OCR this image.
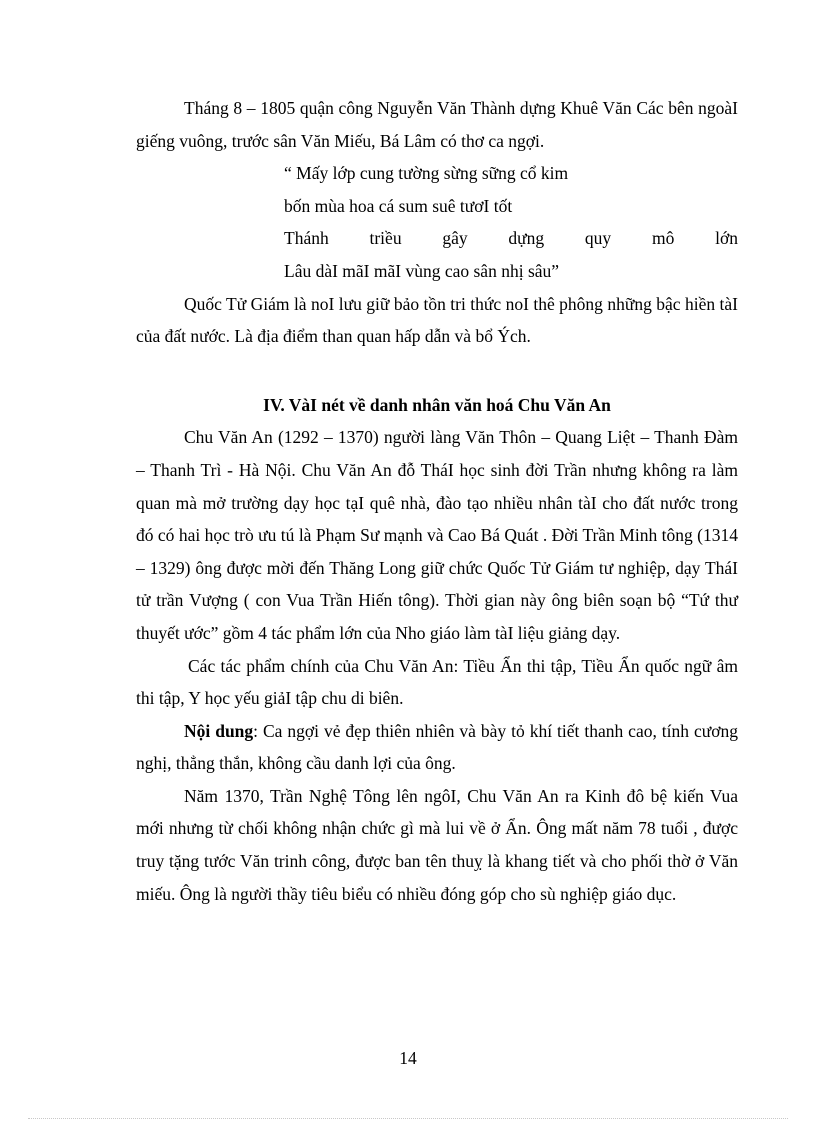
Tháng 8 – 1805 quận công Nguyễn Văn Thành dựng Khuê Văn Các bên ngoàI giếng vuông, trước sân Văn Miếu, Bá Lâm có thơ ca ngợi.

“ Mấy lớp cung tường sừng sững cổ kim
bốn mùa hoa cá sum suê tươI tốt
Thánh triều gây dựng quy mô lớn
Lâu dàI mãI mãI vùng cao sân nhị sâu”

Quốc Tử Giám là noI lưu giữ bảo tồn tri thức noI thê phông những bậc hiền tàI của đất nước. Là địa điểm than quan hấp dẫn và bổ Ých.

IV. VàI nét về danh nhân văn hoá Chu Văn An

Chu Văn An (1292 – 1370) người làng Văn Thôn – Quang Liệt – Thanh Đàm – Thanh Trì - Hà Nội. Chu Văn An đỗ TháI học sinh đời Trần nhưng không ra làm quan mà mở trường dạy học tạI quê nhà, đào tạo nhiều nhân tàI cho đất nước trong đó có hai học trò ưu tú là Phạm Sư mạnh và Cao Bá Quát . Đời Trần Minh tông (1314 – 1329) ông được mời đến Thăng Long giữ chức Quốc Tử Giám tư nghiệp, dạy TháI tử trần Vượng ( con Vua Trần Hiến tông). Thời gian này ông biên soạn bộ “Tứ thư thuyết ước” gồm 4 tác phẩm lớn của Nho giáo làm tàI liệu giảng dạy.

Các tác phẩm chính của Chu Văn An: Tiều Ẩn thi tập, Tiều Ẩn quốc ngữ âm thi tập, Y học yếu giảI tập chu di biên.

Nội dung: Ca ngợi vẻ đẹp thiên nhiên và bày tỏ khí tiết thanh cao, tính cương nghị, thẳng thắn, không cầu danh lợi của ông.

Năm 1370, Trần Nghệ Tông lên ngôI, Chu Văn An ra Kinh đô bệ kiến Vua mới nhưng từ chối không nhận chức gì mà lui về ở Ẩn. Ông mất năm 78 tuổi , được truy tặng tước Văn trinh công, được ban tên thuỵ là khang tiết và cho phối thờ ở Văn miếu. Ông là người thầy tiêu biểu có nhiều đóng góp cho sù nghiệp giáo dục.

14
